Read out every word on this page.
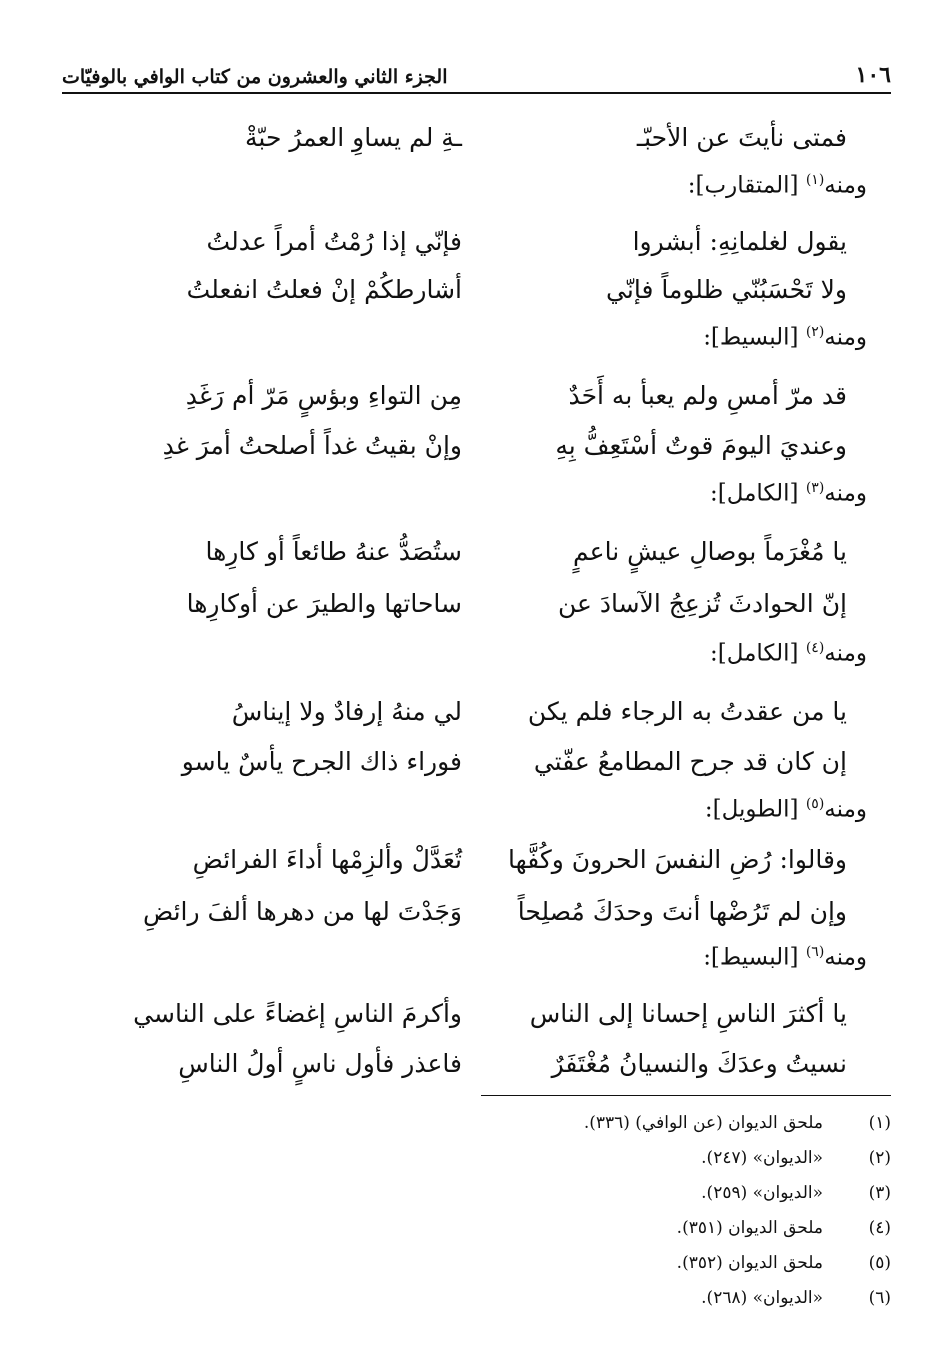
١٠٦
الجزء الثاني والعشرون من كتاب الوافي بالوفيّات
فمتى نأيتَ عن الأحبّـ
ـةِ لم يساوِ العمرُ حبّةْ
ومنه$^{(١)}$ [المتقارب]:
يقول لغلمانِهِ: أبشروا
فإنّي إذا رُمْتُ أمراً عدلتُ
ولا تَحْسَبُنّي ظلوماً فإنّي
أشارطكُمْ إنْ فعلتُ انفعلتُ
ومنه$^{(٢)}$ [البسيط]:
قد مرّ أمسِ ولم يعبأ به أَحَدٌ
مِن التواءِ وبؤسٍ مَرّ أم رَغَدِ
وعنديَ اليومَ قوتٌ أسْتَعِفُّ بِهِ
وإنْ بقيتُ غداً أصلحتُ أمرَ غدِ
ومنه$^{(٣)}$ [الكامل]:
يا مُغْرَماً بوصالِ عيشٍ ناعمٍ
ستُصَدُّ عنهُ طائعاً أو كارِها
إنّ الحوادثَ تُزعِجُ الآسادَ عن
ساحاتها والطيرَ عن أوكارِها
ومنه$^{(٤)}$ [الكامل]:
يا من عقدتُ به الرجاء فلم يكن
لي منهُ إرفادٌ ولا إيناسُ
إن كان قد جرح المطامعُ عفّتي
فوراء ذاك الجرح يأسٌ ياسو
ومنه$^{(٥)}$ [الطويل]:
وقالوا: رُضِ النفسَ الحرونَ وكُفَّها
تُعَدَّلْ وألزِمْها أداءَ الفرائضِ
وإن لم تَرُضْها أنتَ وحدَكَ مُصلِحاً
وَجَدْتَ لها من دهرها ألفَ رائضِ
ومنه$^{(٦)}$ [البسيط]:
يا أكثرَ الناسِ إحسانا إلى الناس
وأكرمَ الناسِ إغضاءً على الناسي
نسيتُ وعدَكَ والنسيانُ مُغْتَفَرٌ
فاعذر فأول ناسٍ أولُ الناسِ
(١)
ملحق الديوان (عن الوافي) (٣٣٦).
(٢)
«الديوان» (٢٤٧).
(٣)
«الديوان» (٢٥٩).
(٤)
ملحق الديوان (٣٥١).
(٥)
ملحق الديوان (٣٥٢).
(٦)
«الديوان» (٢٦٨).
